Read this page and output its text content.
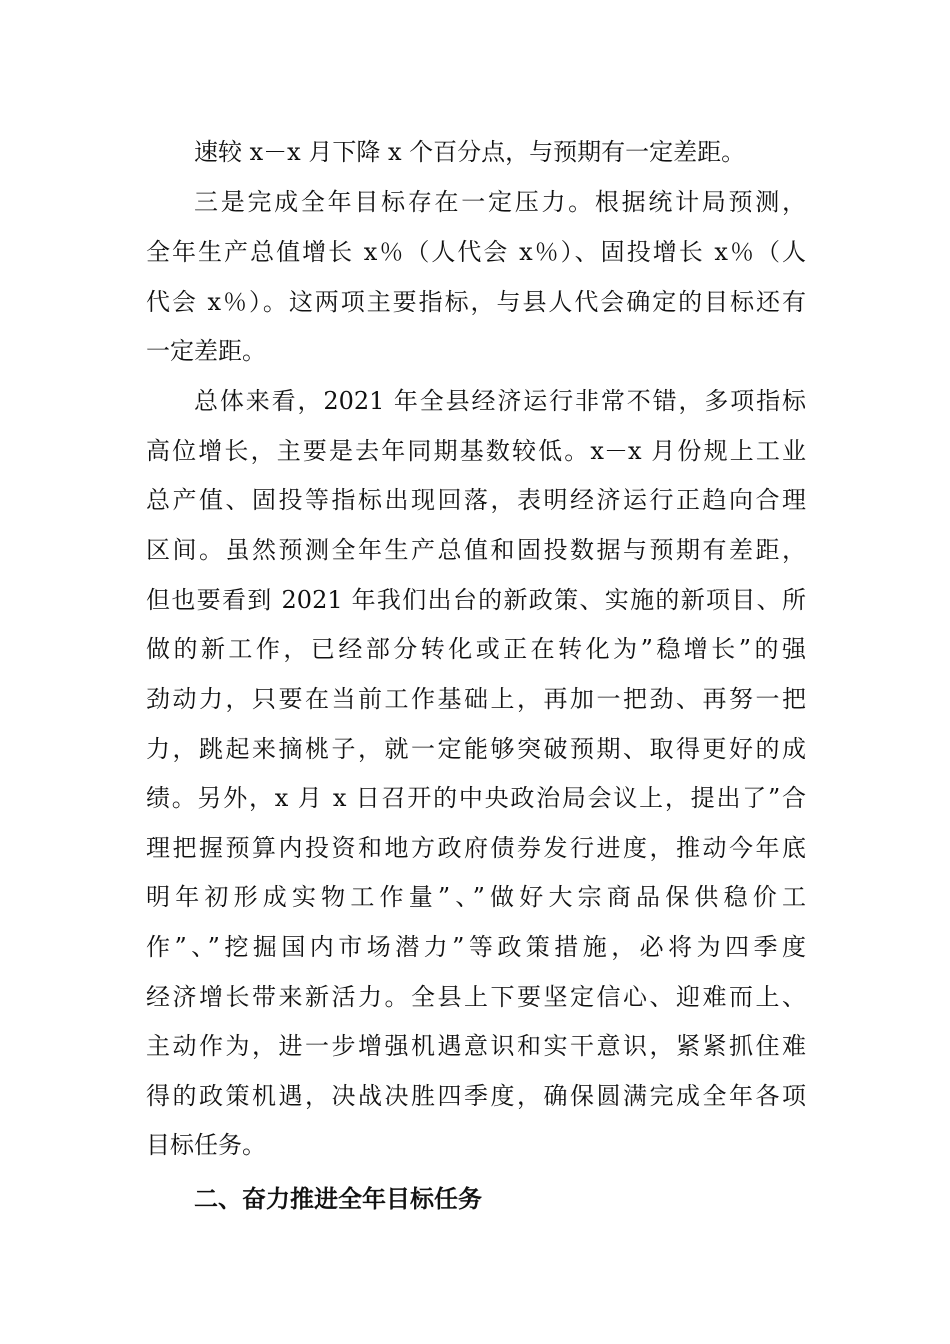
速较 x－x 月下降 x 个百分点，与预期有一定差距。
三是完成全年目标存在一定压力。根据统计局预测，
全年生产总值增长 x％（人代会 x％）、固投增长 x％（人
代会 x％）。这两项主要指标，与县人代会确定的目标还有
一定差距。
总体来看，2021 年全县经济运行非常不错，多项指标
高位增长，主要是去年同期基数较低。x－x 月份规上工业
总产值、固投等指标出现回落，表明经济运行正趋向合理
区间。虽然预测全年生产总值和固投数据与预期有差距，
但也要看到 2021 年我们出台的新政策、实施的新项目、所
做的新工作，已经部分转化或正在转化为”稳增长”的强
劲动力，只要在当前工作基础上，再加一把劲、再努一把
力，跳起来摘桃子，就一定能够突破预期、取得更好的成
绩。另外，x 月 x 日召开的中央政治局会议上，提出了”合
理把握预算内投资和地方政府债券发行进度，推动今年底
明年初形成实物工作量”、”做好大宗商品保供稳价工
作”、”挖掘国内市场潜力”等政策措施，必将为四季度
经济增长带来新活力。全县上下要坚定信心、迎难而上、
主动作为，进一步增强机遇意识和实干意识，紧紧抓住难
得的政策机遇，决战决胜四季度，确保圆满完成全年各项
目标任务。
二、奋力推进全年目标任务
